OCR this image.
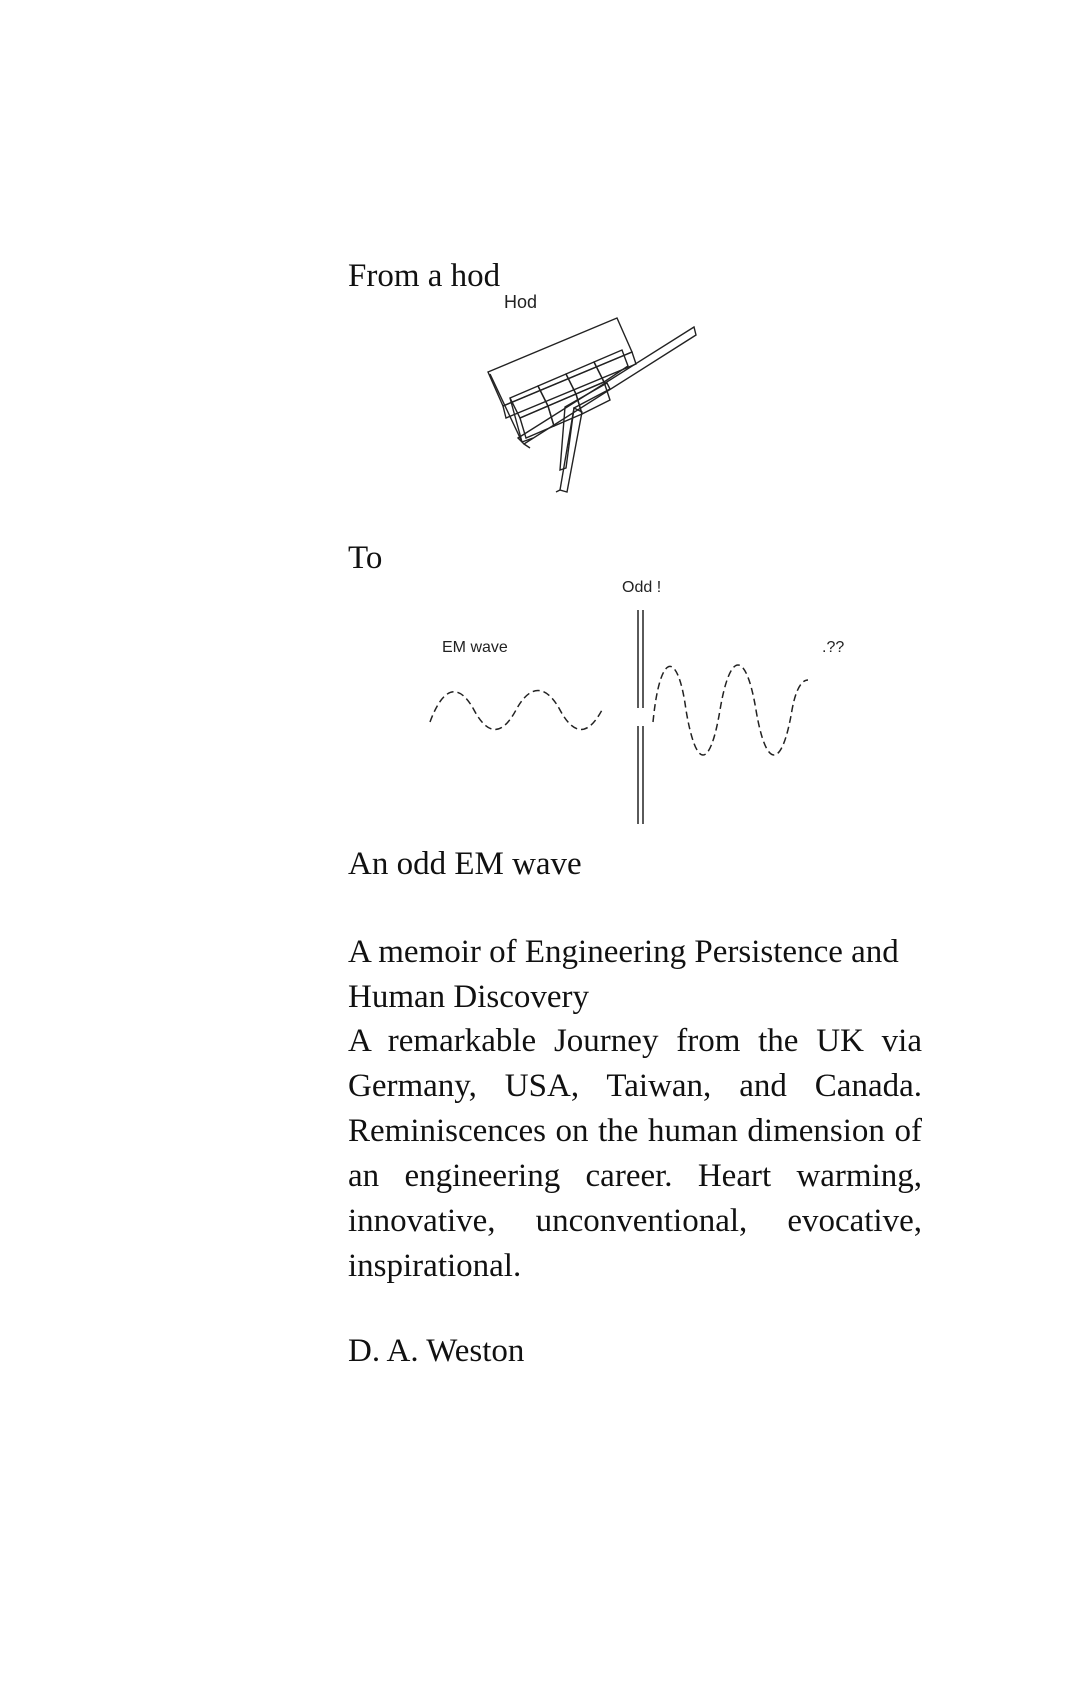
From a hod

Hod

To

Odd !
EM wave	.??

An odd EM wave

A memoir of Engineering Persistence and

Human Discovery

A remarkable Journey from the UK via Germany, USA, Taiwan, and Canada. Reminiscences on the human dimension of an engineering career. Heart warming, innovative, unconventional, evocative, inspirational.

D. A. Weston
